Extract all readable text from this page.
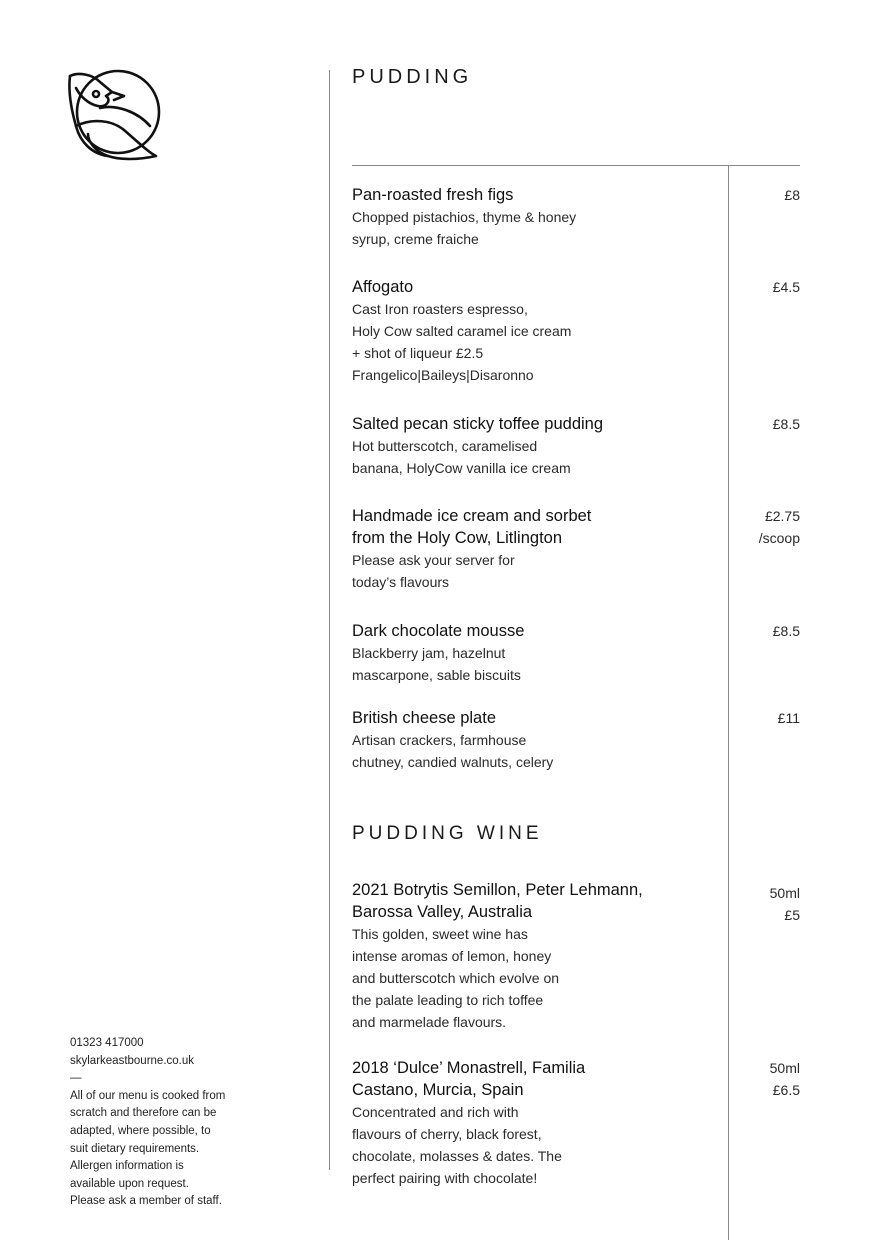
PUDDING
Pan-roasted fresh figs
Chopped pistachios, thyme & honey
syrup, creme fraiche
£8
Affogato
Cast Iron roasters espresso,
Holy Cow salted caramel ice cream
+ shot of liqueur £2.5
Frangelico|Baileys|Disaronno
£4.5
Salted pecan sticky toffee pudding
Hot butterscotch, caramelised
banana, HolyCow vanilla ice cream
£8.5
Handmade ice cream and sorbet
from the Holy Cow, Litlington
Please ask your server for
today’s flavours
£2.75
/scoop
Dark chocolate mousse
Blackberry jam, hazelnut
mascarpone, sable biscuits
£8.5
British cheese plate
Artisan crackers, farmhouse
chutney, candied walnuts, celery
£11
PUDDING WINE
2021 Botrytis Semillon, Peter Lehmann,
Barossa Valley, Australia
This golden, sweet wine has
intense aromas of lemon, honey
and butterscotch which evolve on
the palate leading to rich toffee
and marmelade flavours.
50ml
£5
2018 ‘Dulce’ Monastrell, Familia
Castano, Murcia, Spain
Concentrated and rich with
flavours of cherry, black forest,
chocolate, molasses & dates. The
perfect pairing with chocolate!
50ml
£6.5
01323 417000
skylarkeastbourne.co.uk
—
All of our menu is cooked from
scratch and therefore can be
adapted, where possible, to
suit dietary requirements.
Allergen information is
available upon request.
Please ask a member of staff.
